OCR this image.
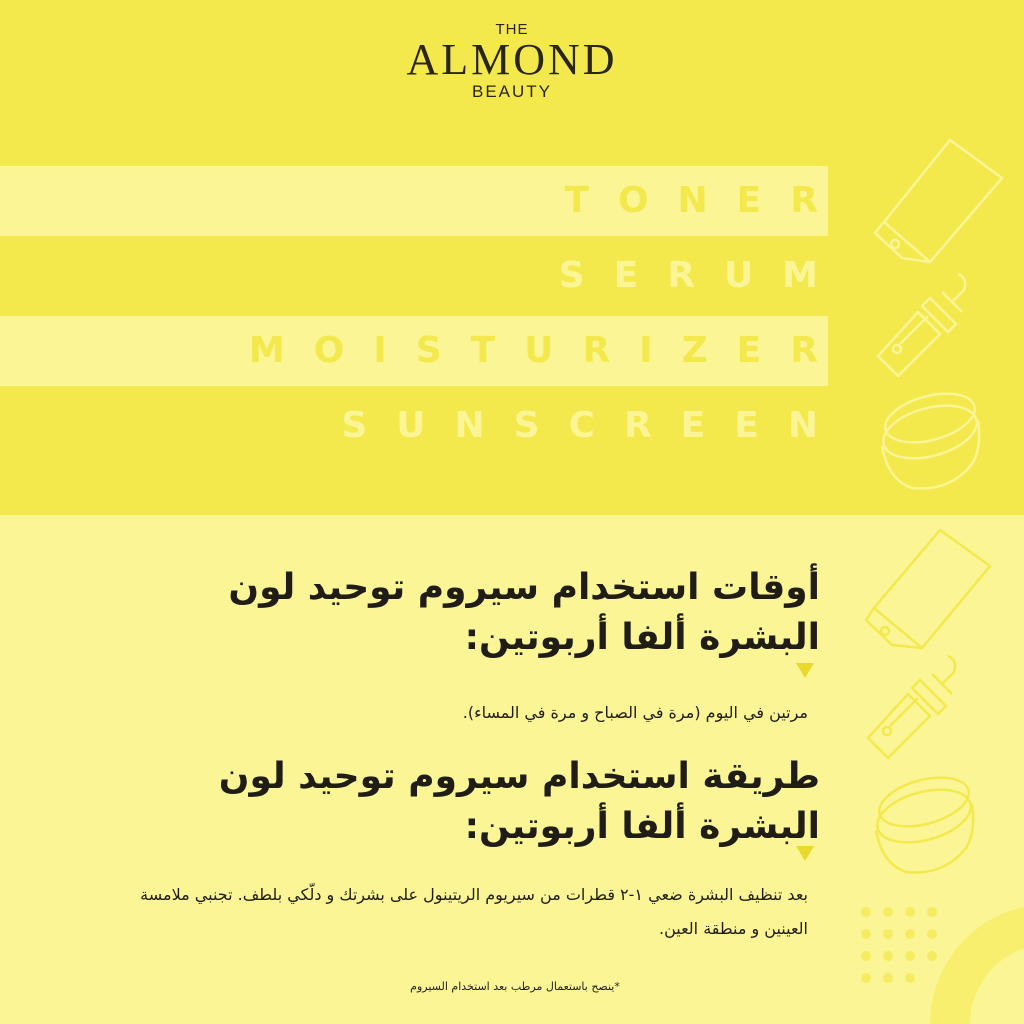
THE
ALMOND
BEAUTY
TONER
SERUM
MOISTURIZER
SUNSCREEN
أوقات استخدام سيروم توحيد لون البشرة ألفا أربوتين:
مرتين في اليوم (مرة في الصباح و مرة في المساء).
طريقة استخدام سيروم توحيد لون البشرة ألفا أربوتين:
بعد تنظيف البشرة ضعي ١-٢ قطرات من سيريوم الريتينول على بشرتك و دلّكي بلطف. تجنبي ملامسة العينين و منطقة العين.
*ينصح باستعمال مرطب بعد استخدام السيروم
